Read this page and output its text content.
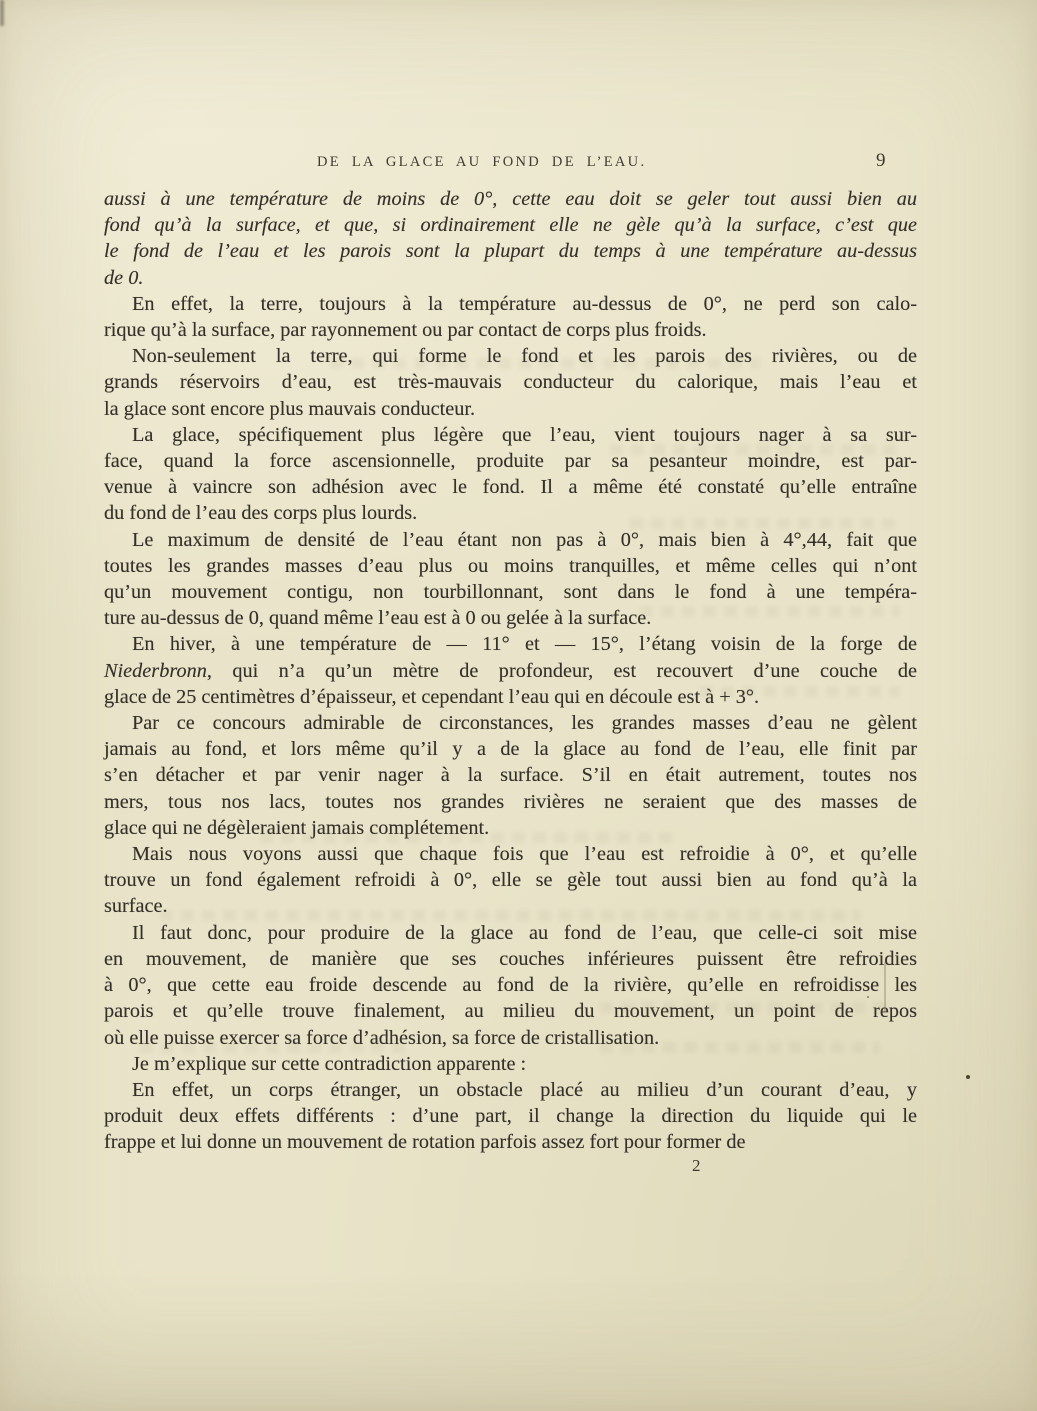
DE LA GLACE AU FOND DE L’EAU.	9
aussi à une température de moins de 0°, cette eau doit se geler tout aussi bien au
fond qu’à la surface, et que, si ordinairement elle ne gèle qu’à la surface, c’est que
le fond de l’eau et les parois sont la plupart du temps à une température au-dessus
de 0.
En effet, la terre, toujours à la température au-dessus de 0°, ne perd son calo-
rique qu’à la surface, par rayonnement ou par contact de corps plus froids.
Non-seulement la terre, qui forme le fond et les parois des rivières, ou de
grands réservoirs d’eau, est très-mauvais conducteur du calorique, mais l’eau et
la glace sont encore plus mauvais conducteur.
La glace, spécifiquement plus légère que l’eau, vient toujours nager à sa sur-
face, quand la force ascensionnelle, produite par sa pesanteur moindre, est par-
venue à vaincre son adhésion avec le fond. Il a même été constaté qu’elle entraîne
du fond de l’eau des corps plus lourds.
Le maximum de densité de l’eau étant non pas à 0°, mais bien à 4°,44, fait que
toutes les grandes masses d’eau plus ou moins tranquilles, et même celles qui n’ont
qu’un mouvement contigu, non tourbillonnant, sont dans le fond à une tempéra-
ture au-dessus de 0, quand même l’eau est à 0 ou gelée à la surface.
En hiver, à une température de — 11° et — 15°, l’étang voisin de la forge de
Niederbronn, qui n’a qu’un mètre de profondeur, est recouvert d’une couche de
glace de 25 centimètres d’épaisseur, et cependant l’eau qui en découle est à + 3°.
Par ce concours admirable de circonstances, les grandes masses d’eau ne gèlent
jamais au fond, et lors même qu’il y a de la glace au fond de l’eau, elle finit par
s’en détacher et par venir nager à la surface. S’il en était autrement, toutes nos
mers, tous nos lacs, toutes nos grandes rivières ne seraient que des masses de
glace qui ne dégèleraient jamais complétement.
Mais nous voyons aussi que chaque fois que l’eau est refroidie à 0°, et qu’elle
trouve un fond également refroidi à 0°, elle se gèle tout aussi bien au fond qu’à la
surface.
Il faut donc, pour produire de la glace au fond de l’eau, que celle-ci soit mise
en mouvement, de manière que ses couches inférieures puissent être refroidies
à 0°, que cette eau froide descende au fond de la rivière, qu’elle en refroidisse les
parois et qu’elle trouve finalement, au milieu du mouvement, un point de repos
où elle puisse exercer sa force d’adhésion, sa force de cristallisation.
Je m’explique sur cette contradiction apparente :
En effet, un corps étranger, un obstacle placé au milieu d’un courant d’eau, y
produit deux effets différents : d’une part, il change la direction du liquide qui le
frappe et lui donne un mouvement de rotation parfois assez fort pour former de
2
